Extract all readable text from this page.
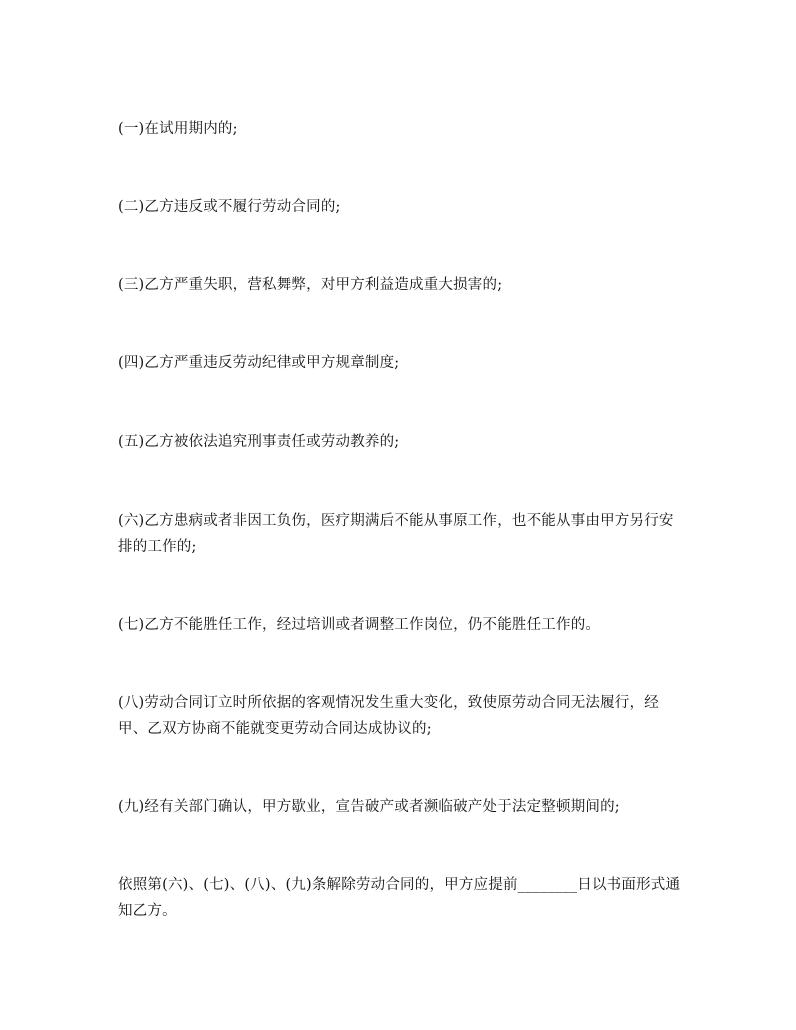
(一)在试用期内的;

(二)乙方违反或不履行劳动合同的;

(三)乙方严重失职，营私舞弊，对甲方利益造成重大损害的;

(四)乙方严重违反劳动纪律或甲方规章制度;

(五)乙方被依法追究刑事责任或劳动教养的;

(六)乙方患病或者非因工负伤，医疗期满后不能从事原工作，也不能从事由甲方另行安排的工作的;

(七)乙方不能胜任工作，经过培训或者调整工作岗位，仍不能胜任工作的。

(八)劳动合同订立时所依据的客观情况发生重大变化，致使原劳动合同无法履行，经甲、乙双方协商不能就变更劳动合同达成协议的;

(九)经有关部门确认，甲方歇业，宣告破产或者濒临破产处于法定整顿期间的;

依照第(六)、(七)、(八)、(九)条解除劳动合同的，甲方应提前________日以书面形式通知乙方。
